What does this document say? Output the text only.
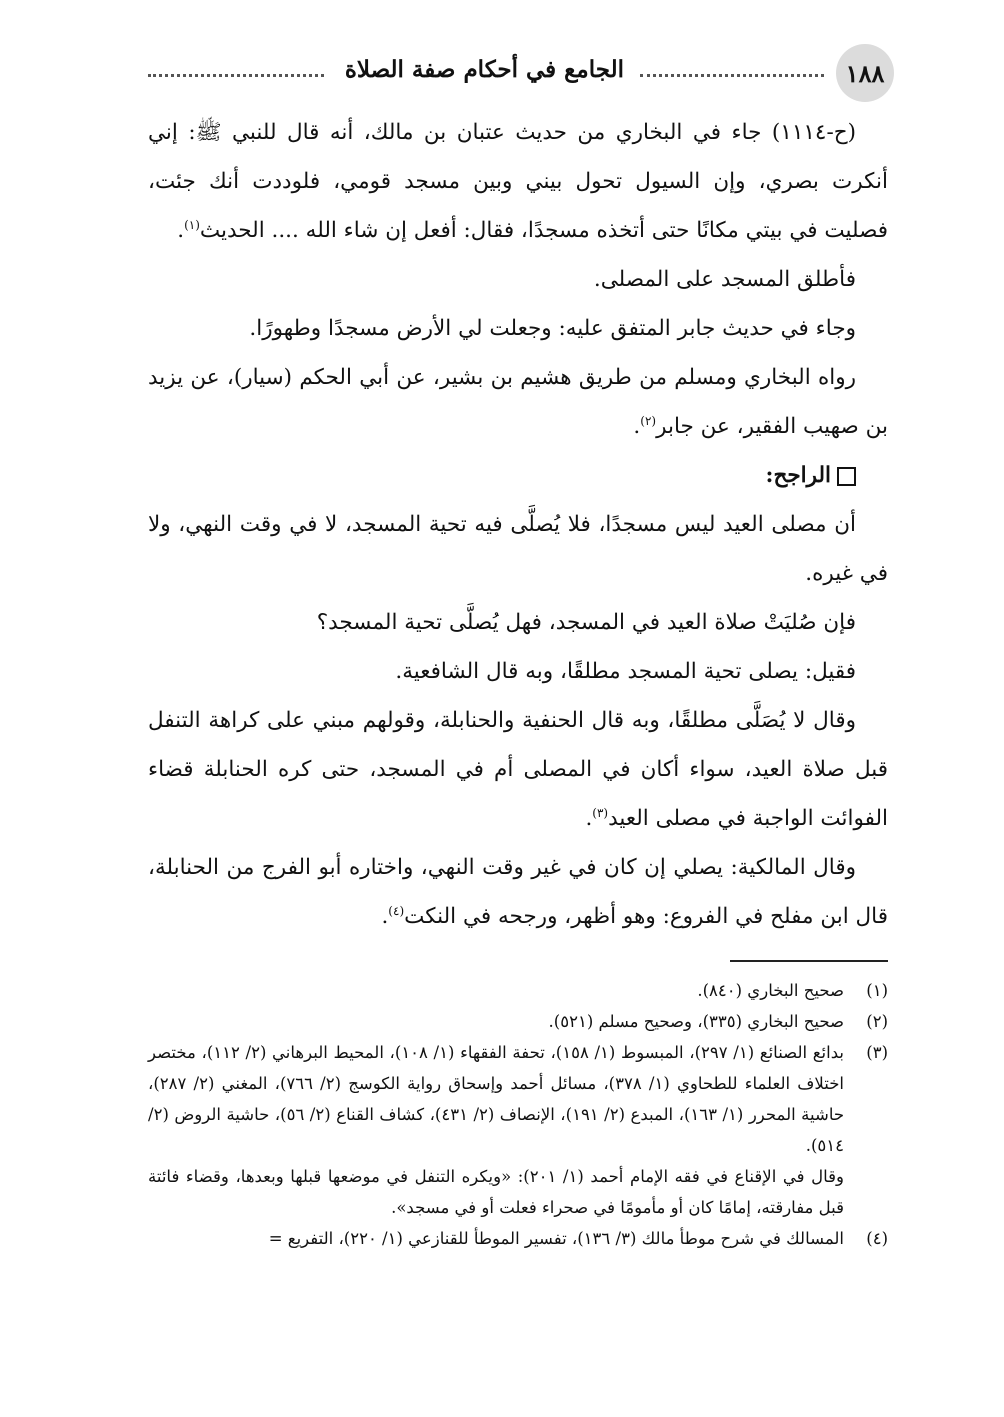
١٨٨
الجامع في أحكام صفة الصلاة

(ح-١١١٤) جاء في البخاري من حديث عتبان بن مالك، أنه قال للنبي ﷺ: إني أنكرت بصري، وإن السيول تحول بيني وبين مسجد قومي، فلوددت أنك جئت، فصليت في بيتي مكانًا حتى أتخذه مسجدًا، فقال: أفعل إن شاء الله .... الحديث$^{(١)}$.

فأطلق المسجد على المصلى.

وجاء في حديث جابر المتفق عليه: وجعلت لي الأرض مسجدًا وطهورًا.

رواه البخاري ومسلم من طريق هشيم بن بشير، عن أبي الحكم (سيار)، عن يزيد بن صهيب الفقير، عن جابر$^{(٢)}$.

الراجح:

أن مصلى العيد ليس مسجدًا، فلا يُصلَّى فيه تحية المسجد، لا في وقت النهي، ولا في غيره.

فإن صُليَتْ صلاة العيد في المسجد، فهل يُصلَّى تحية المسجد؟

فقيل: يصلى تحية المسجد مطلقًا، وبه قال الشافعية.

وقال لا يُصَلَّى مطلقًا، وبه قال الحنفية والحنابلة، وقولهم مبني على كراهة التنفل قبل صلاة العيد، سواء أكان في المصلى أم في المسجد، حتى كره الحنابلة قضاء الفوائت الواجبة في مصلى العيد$^{(٣)}$.

وقال المالكية: يصلي إن كان في غير وقت النهي، واختاره أبو الفرج من الحنابلة، قال ابن مفلح في الفروع: وهو أظهر، ورجحه في النكت$^{(٤)}$.

(١)
صحيح البخاري (٨٤٠).
(٢)
صحيح البخاري (٣٣٥)، وصحيح مسلم (٥٢١).
(٣)
بدائع الصنائع (١/ ٢٩٧)، المبسوط (١/ ١٥٨)، تحفة الفقهاء (١/ ١٠٨)، المحيط البرهاني (٢/ ١١٢)، مختصر اختلاف العلماء للطحاوي (١/ ٣٧٨)، مسائل أحمد وإسحاق رواية الكوسج (٢/ ٧٦٦)، المغني (٢/ ٢٨٧)، حاشية المحرر (١/ ١٦٣)، المبدع (٢/ ١٩١)، الإنصاف (٢/ ٤٣١)، كشاف القناع (٢/ ٥٦)، حاشية الروض (٢/ ٥١٤).
وقال في الإقناع في فقه الإمام أحمد (١/ ٢٠١): «ويكره التنفل في موضعها قبلها وبعدها، وقضاء فائتة قبل مفارقته، إمامًا كان أو مأمومًا في صحراء فعلت أو في مسجد».
(٤)
المسالك في شرح موطأ مالك (٣/ ١٣٦)، تفسير الموطأ للقنازعي (١/ ٢٢٠)، التفريع =
